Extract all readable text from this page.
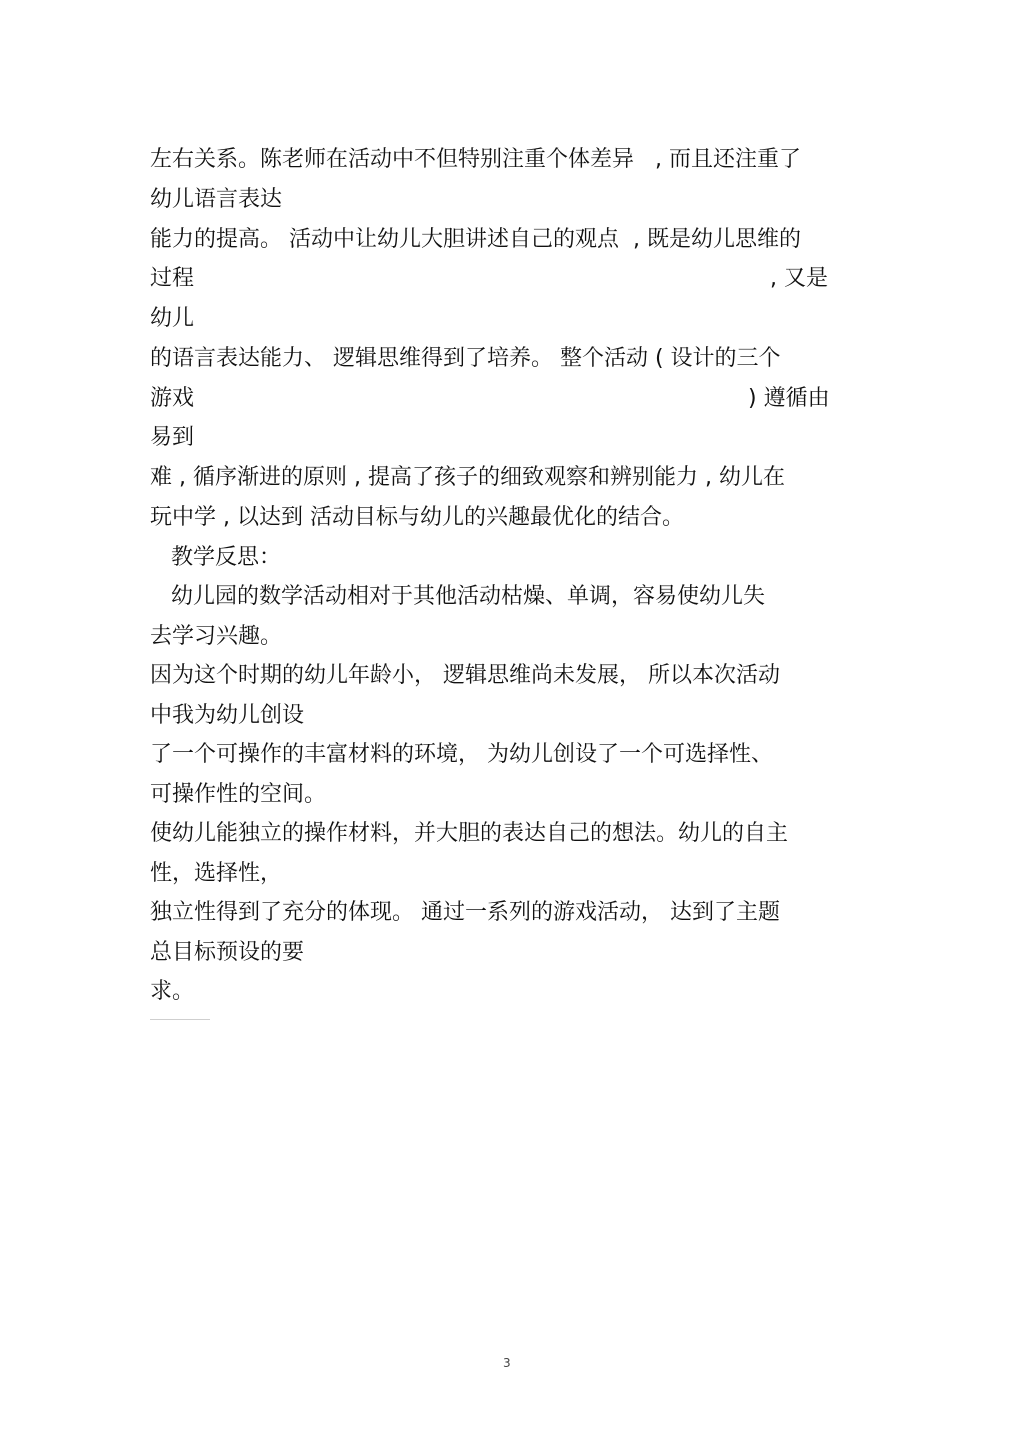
左右关系。陈老师在活动中不但特别注重个体差异   , 而且还注重了
幼儿语言表达
能力的提高。 活动中让幼儿大胆讲述自己的观点  , 既是幼儿思维的
过程	, 又是
幼儿
的语言表达能力、 逻辑思维得到了培养。 整个活动 ( 设计的三个
游戏	) 遵循由
易到
难 , 循序渐进的原则 , 提高了孩子的细致观察和辨别能力 , 幼儿在
玩中学 , 以达到 活动目标与幼儿的兴趣最优化的结合。
教学反思：
幼儿园的数学活动相对于其他活动枯燥、单调，容易使幼儿失
去学习兴趣。
因为这个时期的幼儿年龄小， 逻辑思维尚未发展， 所以本次活动
中我为幼儿创设
了一个可操作的丰富材料的环境， 为幼儿创设了一个可选择性、
可操作性的空间。
使幼儿能独立的操作材料，并大胆的表达自己的想法。幼儿的自主
性，选择性，
独立性得到了充分的体现。 通过一系列的游戏活动， 达到了主题
总目标预设的要
求。
3
